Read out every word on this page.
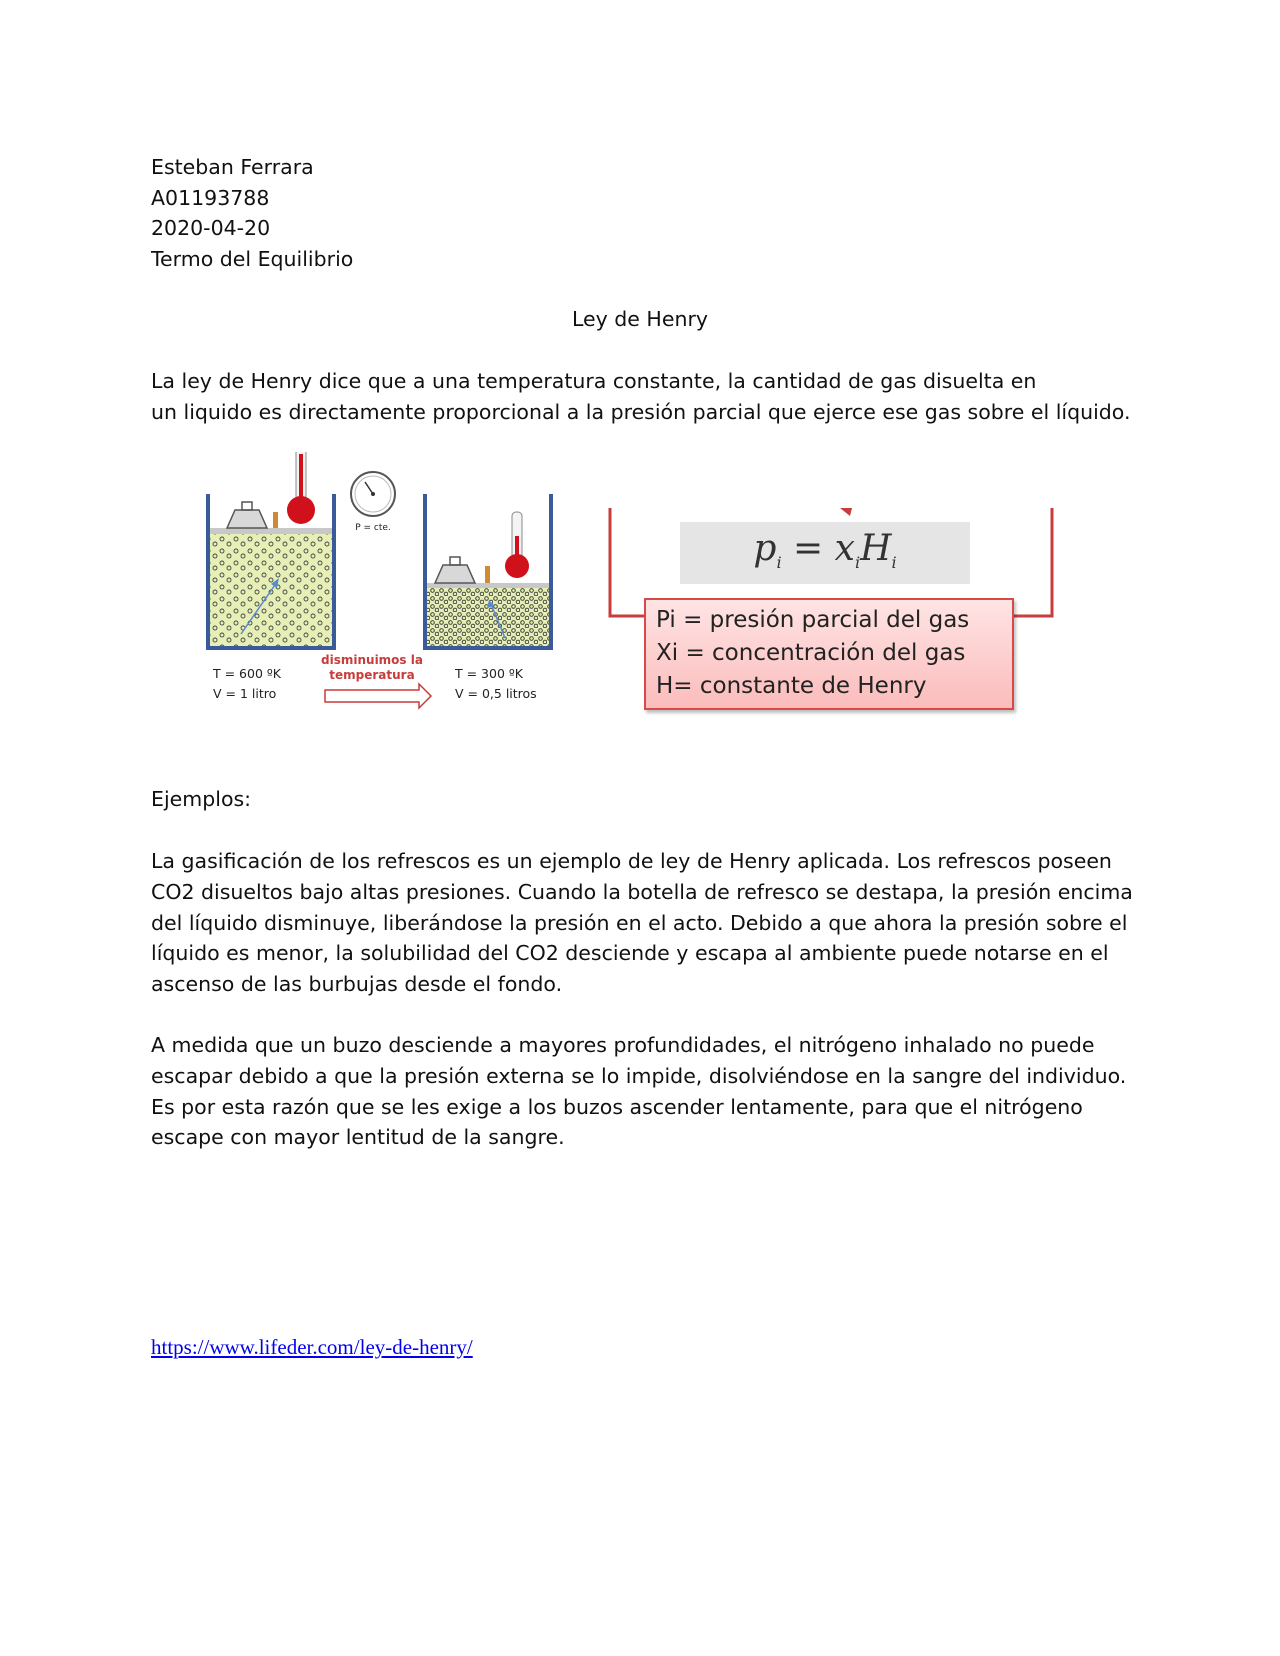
Esteban Ferrara
A01193788
2020-04-20
Termo del Equilibrio
Ley de Henry
La ley de Henry dice que a una temperatura constante, la cantidad de gas disuelta en
un liquido es directamente proporcional a la presión parcial que ejerce ese gas sobre el líquido.
P = cte.
T = 600 ºK
V = 1 litro
disminuimos la
temperatura	T = 300 ºK
V = 0,5 litros
$p_i = x_iH_i$
Pi = presión parcial del gas
Xi = concentración del gas
H= constante de Henry
Ejemplos:
La gasificación de los refrescos es un ejemplo de ley de Henry aplicada. Los refrescos poseen
CO2 disueltos bajo altas presiones. Cuando la botella de refresco se destapa, la presión encima
del líquido disminuye, liberándose la presión en el acto. Debido a que ahora la presión sobre el
líquido es menor, la solubilidad del CO2 desciende y escapa al ambiente puede notarse en el
ascenso de las burbujas desde el fondo.
A medida que un buzo desciende a mayores profundidades, el nitrógeno inhalado no puede
escapar debido a que la presión externa se lo impide, disolviéndose en la sangre del individuo.
Es por esta razón que se les exige a los buzos ascender lentamente, para que el nitrógeno
escape con mayor lentitud de la sangre.
https://www.lifeder.com/ley-de-henry/
